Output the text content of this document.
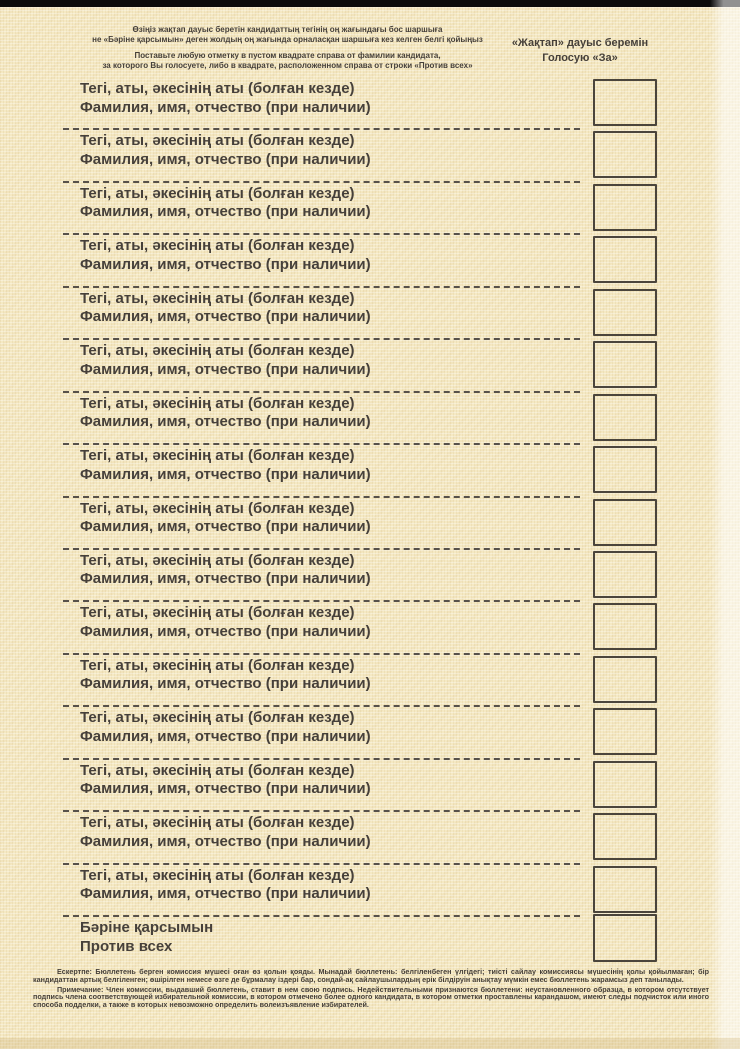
Өзіңіз жақтап дауыс беретін кандидаттың тегінің оң жағындағы бос шаршыға
не «Бәріне қарсымын» деген жолдың оң жағында орналасқан шаршыға кез келген белгі қойыңыз
Поставьте любую отметку в пустом квадрате справа от фамилии кандидата,
за которого Вы голосуете, либо в квадрате, расположенном справа от строки «Против всех»
«Жақтап» дауыс беремін
Голосую «За»
Тегі, аты, әкесінің аты (болған кезде)
Фамилия, имя, отчество (при наличии)
Тегі, аты, әкесінің аты (болған кезде)
Фамилия, имя, отчество (при наличии)
Тегі, аты, әкесінің аты (болған кезде)
Фамилия, имя, отчество (при наличии)
Тегі, аты, әкесінің аты (болған кезде)
Фамилия, имя, отчество (при наличии)
Тегі, аты, әкесінің аты (болған кезде)
Фамилия, имя, отчество (при наличии)
Тегі, аты, әкесінің аты (болған кезде)
Фамилия, имя, отчество (при наличии)
Тегі, аты, әкесінің аты (болған кезде)
Фамилия, имя, отчество (при наличии)
Тегі, аты, әкесінің аты (болған кезде)
Фамилия, имя, отчество (при наличии)
Тегі, аты, әкесінің аты (болған кезде)
Фамилия, имя, отчество (при наличии)
Тегі, аты, әкесінің аты (болған кезде)
Фамилия, имя, отчество (при наличии)
Тегі, аты, әкесінің аты (болған кезде)
Фамилия, имя, отчество (при наличии)
Тегі, аты, әкесінің аты (болған кезде)
Фамилия, имя, отчество (при наличии)
Тегі, аты, әкесінің аты (болған кезде)
Фамилия, имя, отчество (при наличии)
Тегі, аты, әкесінің аты (болған кезде)
Фамилия, имя, отчество (при наличии)
Тегі, аты, әкесінің аты (болған кезде)
Фамилия, имя, отчество (при наличии)
Тегі, аты, әкесінің аты (болған кезде)
Фамилия, имя, отчество (при наличии)
Бәріне қарсымын
Против всех

Ескертпе: Бюллетень берген комиссия мүшесі оған өз қолын қояды. Мынадай бюллетень: белгіленбеген үлгідегі; тиісті сайлау комиссиясы мүшесінің қолы қойылмаған; бір кандидаттан артық белгіленген; өшірілген немесе өзге де бұрмалау іздері бар, сондай-ақ сайлаушылардың ерік білдіруін анықтау мүмкін емес бюллетень жарамсыз деп танылады.

Примечание: Член комиссии, выдавший бюллетень, ставит в нем свою подпись. Недействительными признаются бюллетени: неустановленного образца, в котором отсутствует подпись члена соответствующей избирательной комиссии, в котором отмечено более одного кандидата, в котором отметки проставлены карандашом, имеют следы подчисток или иного способа подделки, а также в которых невозможно определить волеизъявление избирателей.
